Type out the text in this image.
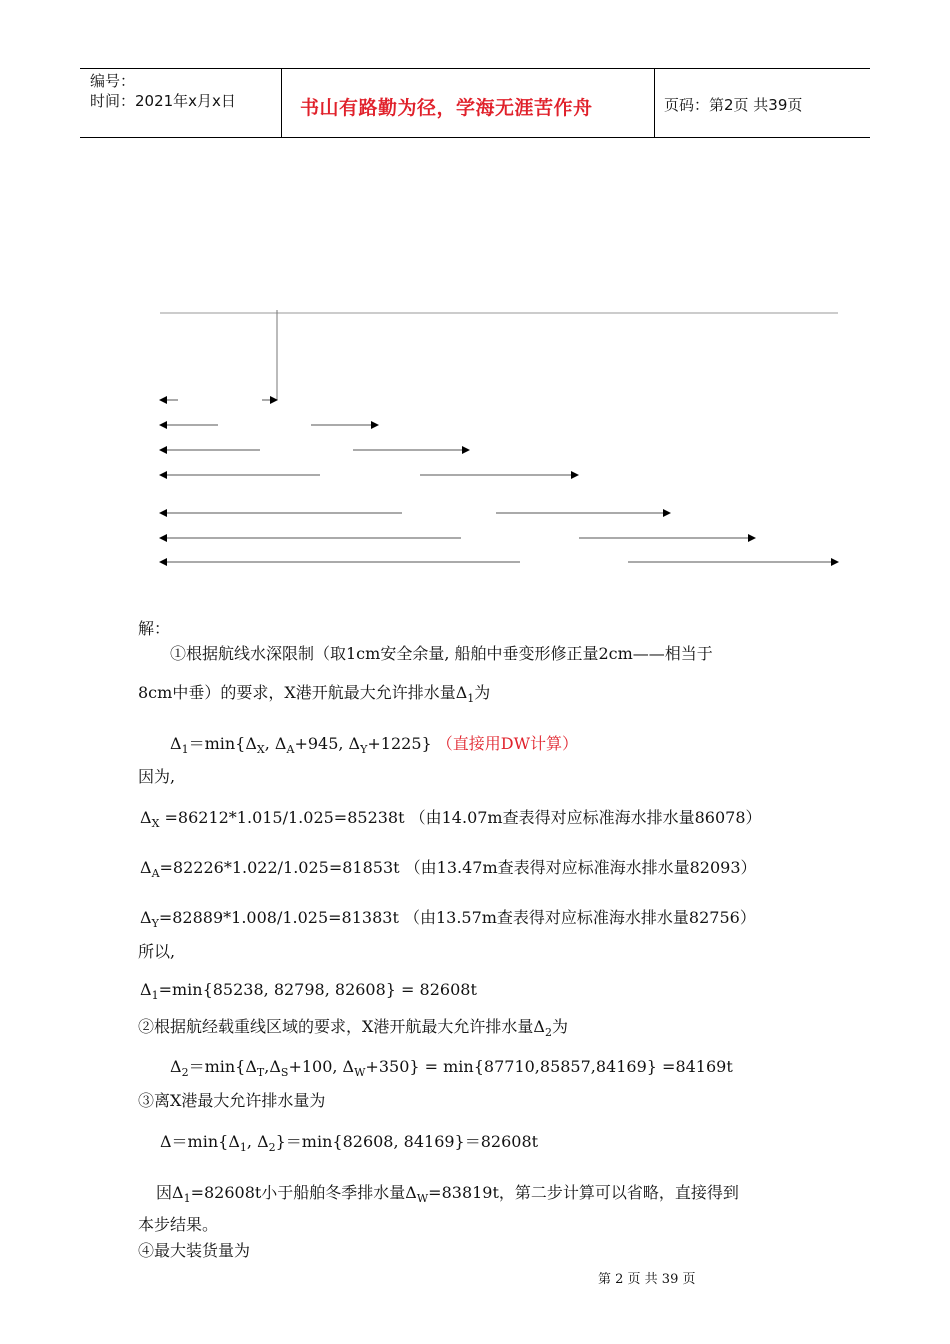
编号：
时间：2021年x月x日	书山有路勤为径，学海无涯苦作舟	页码：第2页 共39页
解：
①根据航线水深限制（取1cm安全余量, 船舶中垂变形修正量2cm——相当于
8cm中垂）的要求，X港开航最大允许排水量$\Delta_1$为
$\Delta_1=\min\{\Delta_X$, $\Delta_A+945$, $\Delta_Y+1225$} （直接用DW计算）
因为,
$\Delta_X =86212*1.015/1.025=85238t$ （由14.07m查表得对应标准海水排水量86078）
$\Delta_A=82226*1.022/1.025=81853t$ （由13.47m查表得对应标准海水排水量82093）
$\Delta_Y=82889*1.008/1.025=81383t$ （由13.57m查表得对应标准海水排水量82756）
所以,
$\Delta_1=\min\{85238$, 82798, 82608} = 82608t
②根据航经载重线区域的要求，X港开航最大允许排水量$\Delta_2$为
$\Delta_2=\min\{\Delta_T,\Delta_S+100$, $\Delta_W+350\} = \min\{87710,85857,84169\} =84169t$
③离X港最大允许排水量为
$\Delta=\min\{\Delta_1$, $\Delta_2\}=\min\{82608$, 84169}＝82608t
因$\Delta_1=82608t$小于船舶冬季排水量$\Delta_W=83819t$，第二步计算可以省略，直接得到
本步结果。
④最大装货量为
第 2 页 共 39 页
